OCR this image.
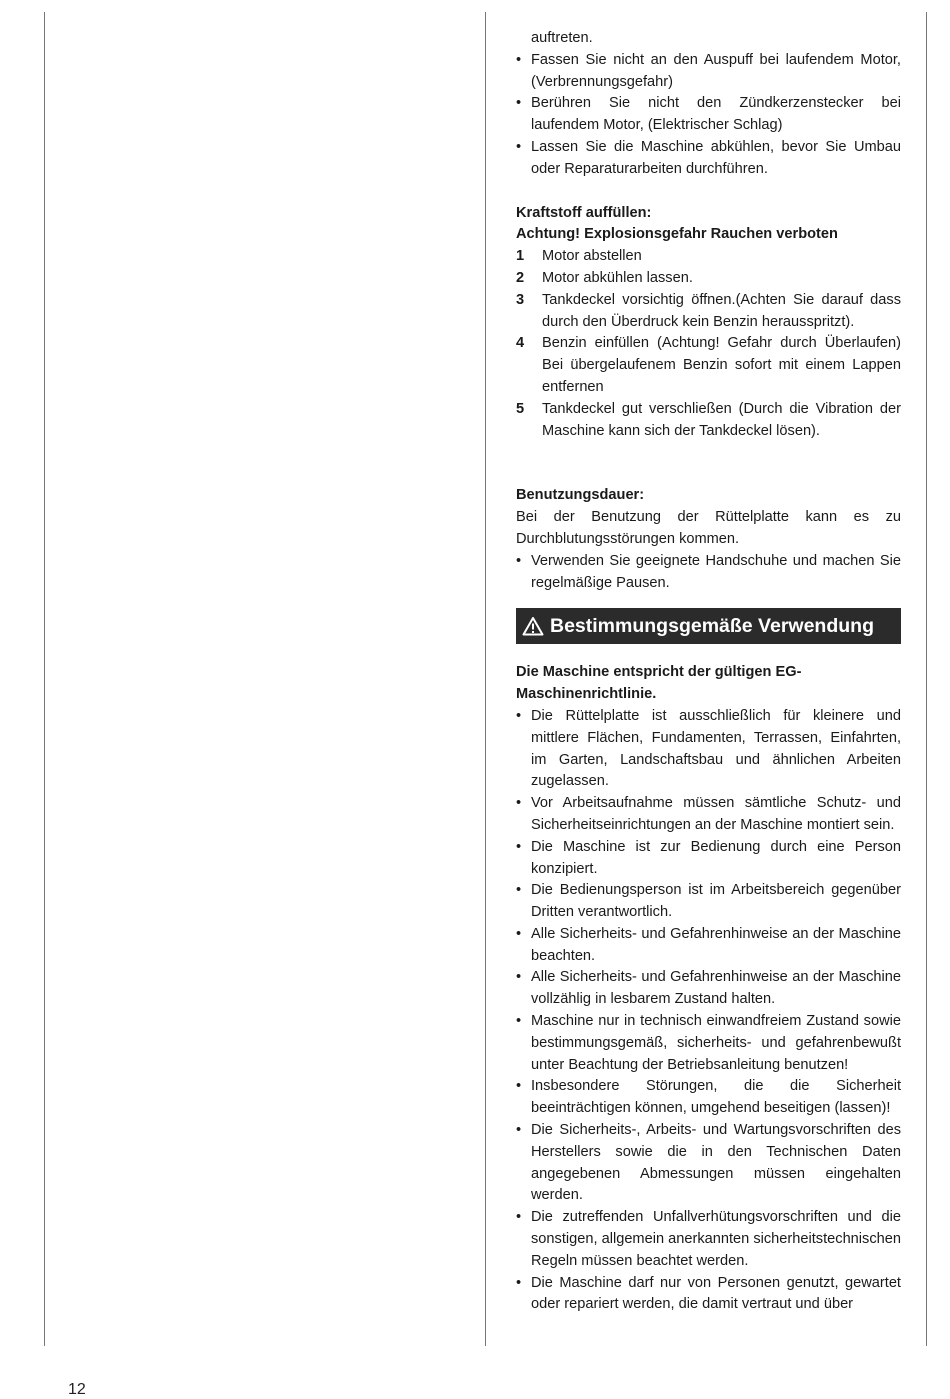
auftreten.

• Fassen Sie nicht an den Auspuff bei laufendem Motor, (Verbrennungsgefahr)
• Berühren Sie nicht den Zündkerzenstecker bei laufendem Motor, (Elektrischer Schlag)
• Lassen Sie die Maschine abkühlen, bevor Sie Umbau oder Reparaturarbeiten durchführen.

Kraftstoff auffüllen:

Achtung! Explosionsgefahr Rauchen verboten

1	Motor abstellen
2	Motor abkühlen lassen.
3	Tankdeckel vorsichtig öffnen.(Achten Sie darauf dass durch den Überdruck kein Benzin herausspritzt).
4	Benzin einfüllen (Achtung! Gefahr durch Überlaufen) Bei übergelaufenem Benzin sofort mit einem Lappen entfernen
5	Tankdeckel gut verschließen (Durch die Vibration der Maschine kann sich der Tankdeckel lösen).

Benutzungsdauer:

Bei der Benutzung der Rüttelplatte kann es zu Durchblutungsstörungen kommen.

• Verwenden Sie geeignete Handschuhe und machen Sie regelmäßige Pausen.
Bestimmungsgemäße Verwendung

Die Maschine entspricht der gültigen EG-Maschinenrichtlinie.

• Die Rüttelplatte ist ausschließlich für kleinere und mittlere Flächen, Fundamenten, Terrassen, Einfahrten, im Garten, Landschaftsbau und ähnlichen Arbeiten zugelassen.
• Vor Arbeitsaufnahme müssen sämtliche Schutz- und Sicherheitseinrichtungen an der Maschine montiert sein.
• Die Maschine ist zur Bedienung durch eine Person konzipiert.
• Die Bedienungsperson ist im Arbeitsbereich gegenüber Dritten verantwortlich.
• Alle Sicherheits- und Gefahrenhinweise an der Maschine beachten.
• Alle Sicherheits- und Gefahrenhinweise an der Maschine vollzählig in lesbarem Zustand halten.
• Maschine nur in technisch einwandfreiem Zustand sowie bestimmungsgemäß, sicherheits- und gefahrenbewußt unter Beachtung der Betriebsanleitung benutzen!
• Insbesondere Störungen, die die Sicherheit beeinträchtigen können, umgehend beseitigen (lassen)!
• Die Sicherheits-, Arbeits- und Wartungsvorschriften des Herstellers sowie die in den Technischen Daten angegebenen Abmessungen müssen eingehalten werden.
• Die zutreffenden Unfallverhütungsvorschriften und die sonstigen, allgemein anerkannten sicherheitstechnischen Regeln müssen beachtet werden.
• Die Maschine darf nur von Personen genutzt, gewartet oder repariert werden, die damit vertraut und über
12
